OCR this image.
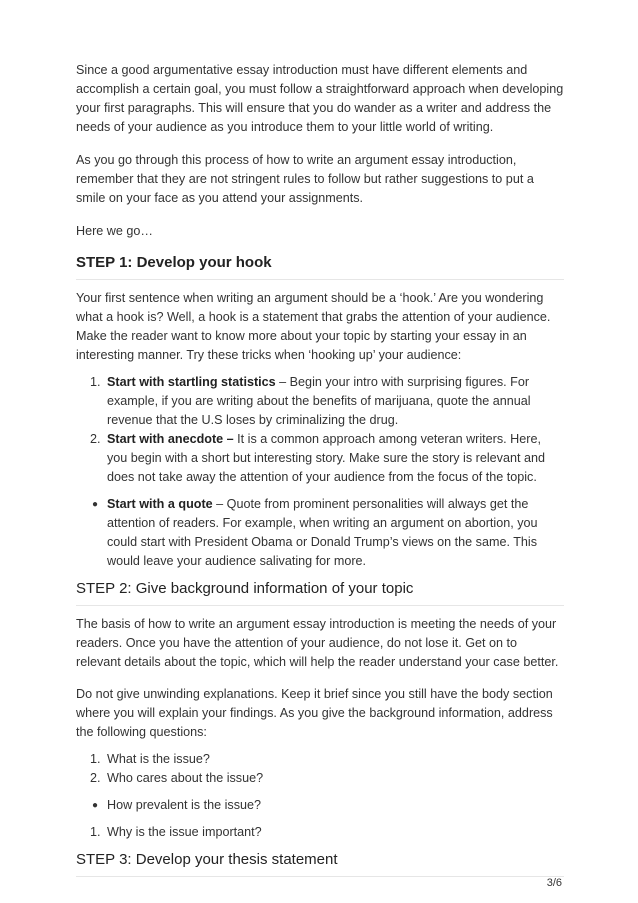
Since a good argumentative essay introduction must have different elements and accomplish a certain goal, you must follow a straightforward approach when developing your first paragraphs. This will ensure that you do wander as a writer and address the needs of your audience as you introduce them to your little world of writing.

As you go through this process of how to write an argument essay introduction, remember that they are not stringent rules to follow but rather suggestions to put a smile on your face as you attend your assignments.

Here we go…

STEP 1: Develop your hook

Your first sentence when writing an argument should be a ‘hook.’ Are you wondering what a hook is? Well, a hook is a statement that grabs the attention of your audience. Make the reader want to know more about your topic by starting your essay in an interesting manner. Try these tricks when ‘hooking up’ your audience:

1. Start with startling statistics – Begin your intro with surprising figures. For example, if you are writing about the benefits of marijuana, quote the annual revenue that the U.S loses by criminalizing the drug.
2. Start with anecdote – It is a common approach among veteran writers. Here, you begin with a short but interesting story. Make sure the story is relevant and does not take away the attention of your audience from the focus of the topic.
● Start with a quote – Quote from prominent personalities will always get the attention of readers. For example, when writing an argument on abortion, you could start with President Obama or Donald Trump’s views on the same. This would leave your audience salivating for more.
STEP 2: Give background information of your topic

The basis of how to write an argument essay introduction is meeting the needs of your readers. Once you have the attention of your audience, do not lose it. Get on to relevant details about the topic, which will help the reader understand your case better.

Do not give unwinding explanations. Keep it brief since you still have the body section where you will explain your findings. As you give the background information, address the following questions:

1. What is the issue?
2. Who cares about the issue?
● How prevalent is the issue?
1. Why is the issue important?
STEP 3: Develop your thesis statement
3/6
